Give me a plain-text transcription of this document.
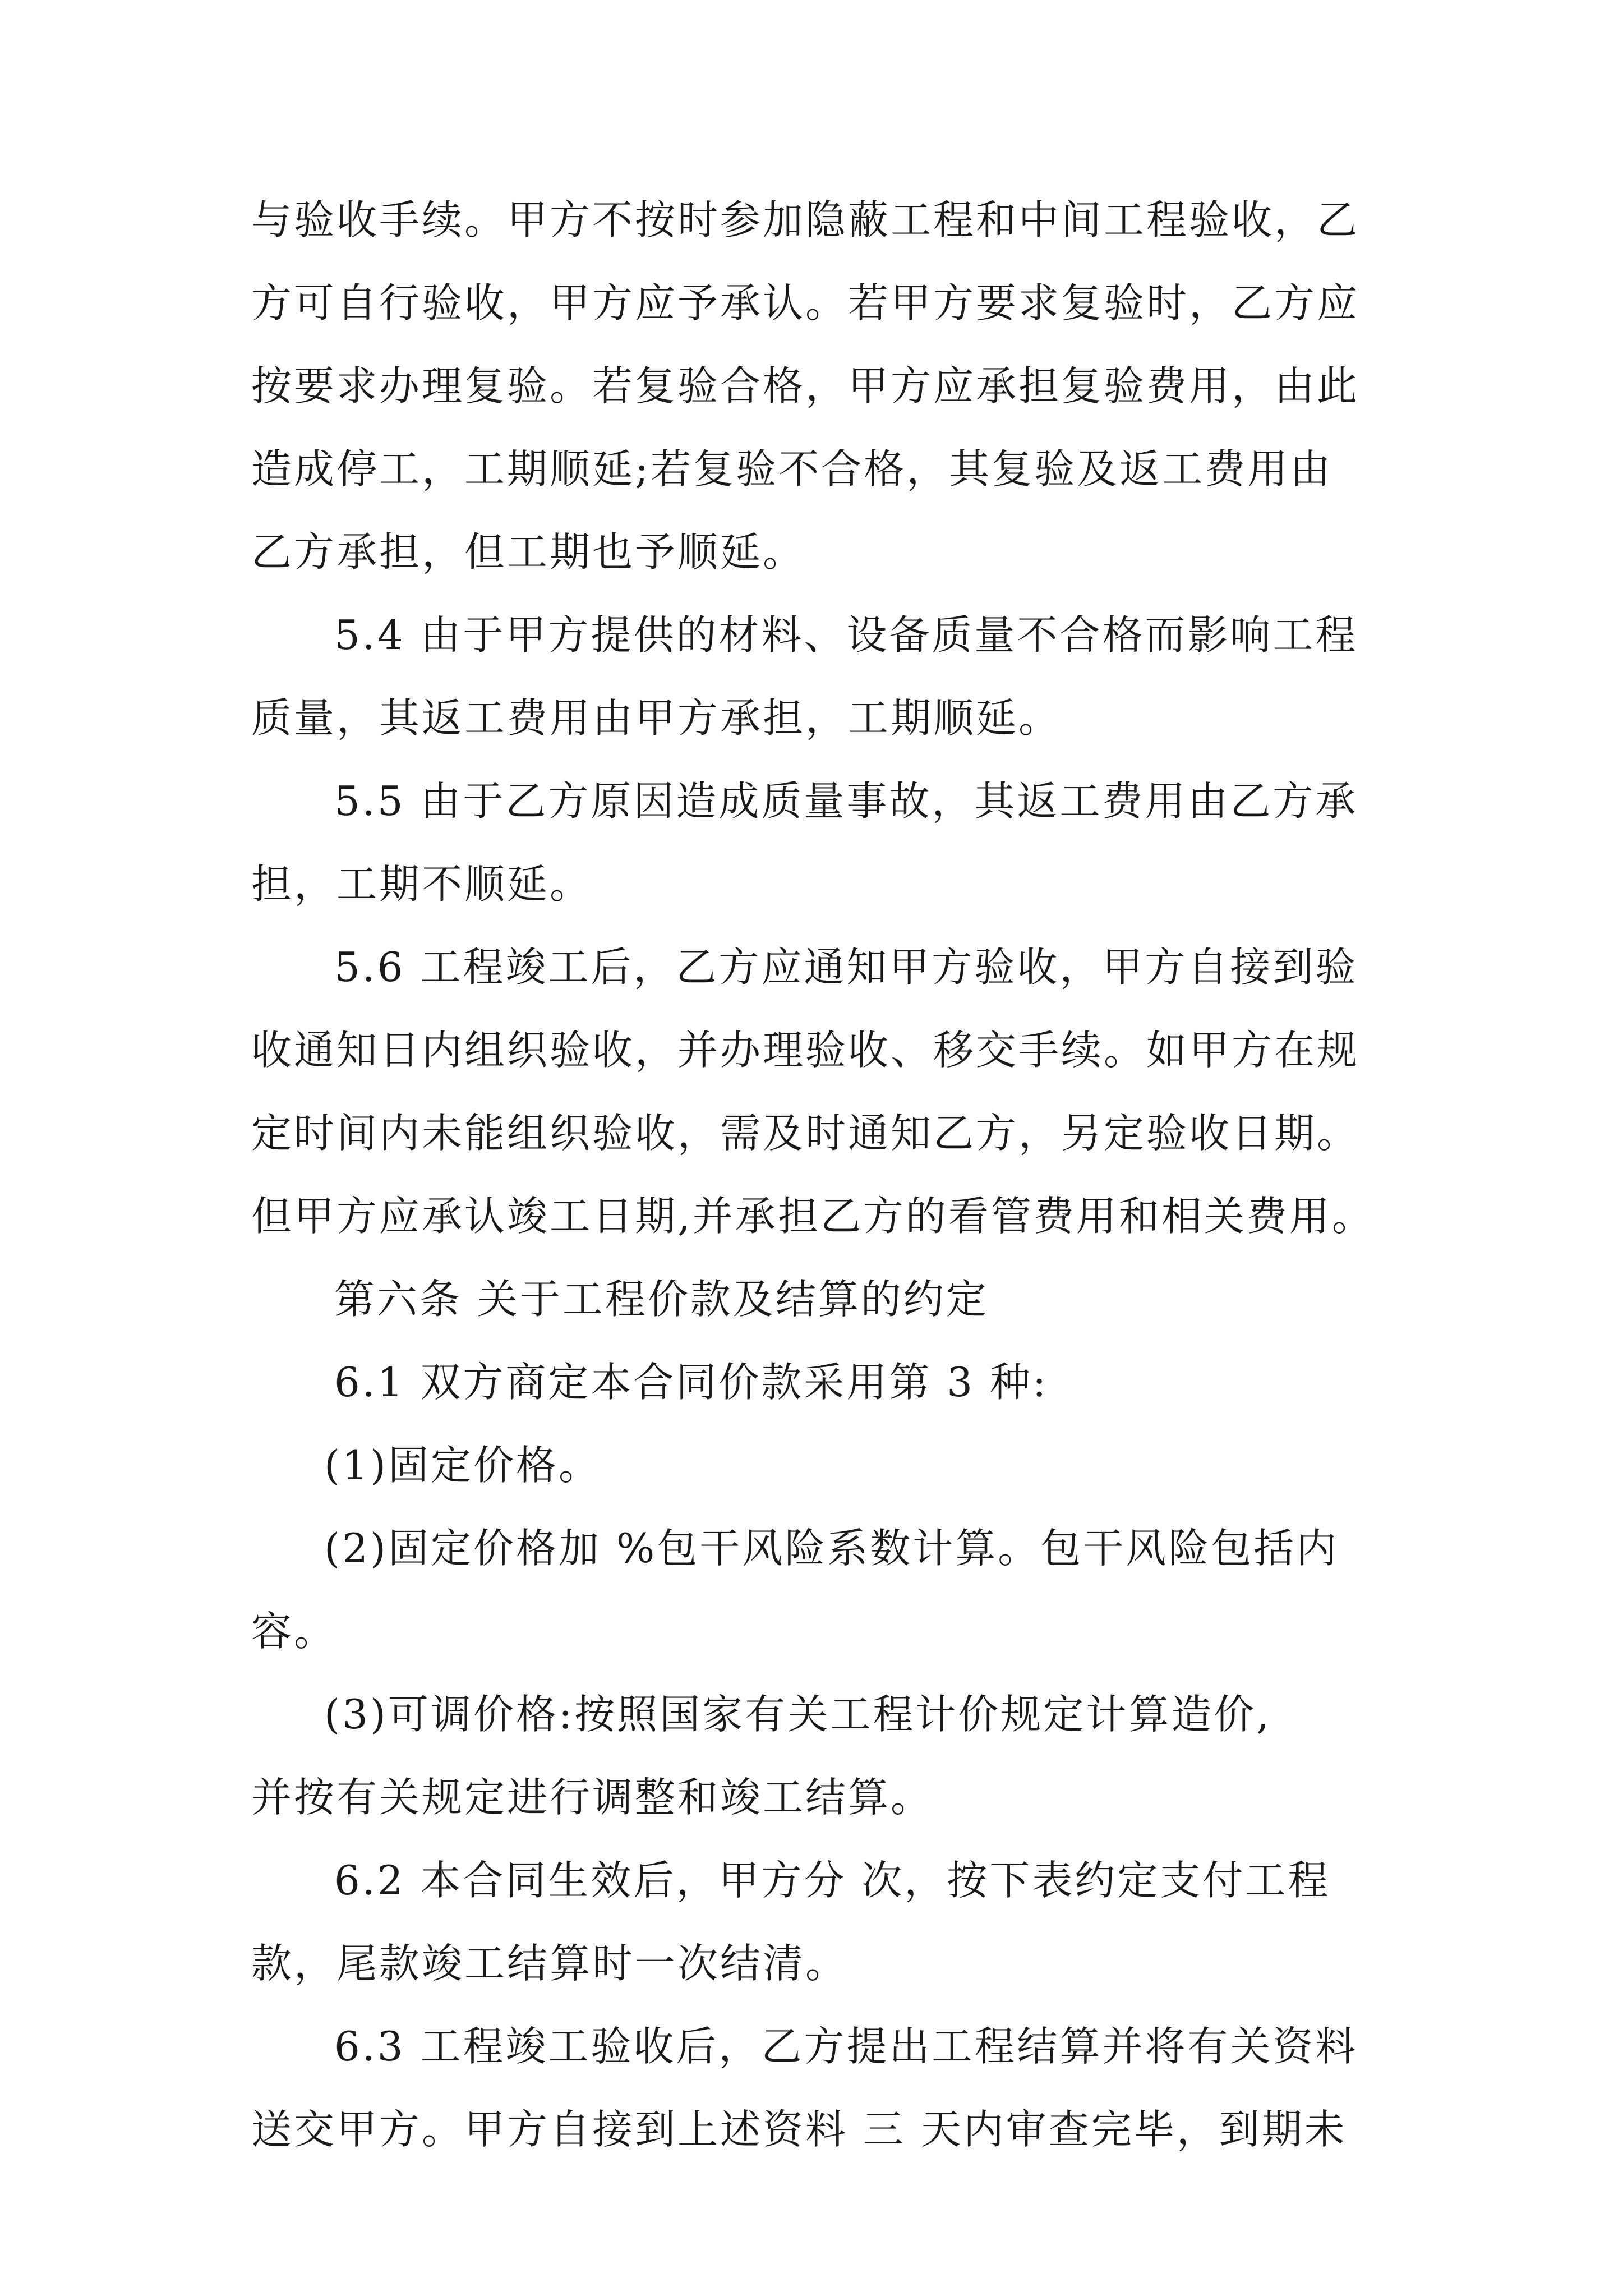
与验收手续。甲方不按时参加隐蔽工程和中间工程验收，乙
方可自行验收，甲方应予承认。若甲方要求复验时，乙方应
按要求办理复验。若复验合格，甲方应承担复验费用，由此
造成停工，工期顺延;若复验不合格，其复验及返工费用由
乙方承担，但工期也予顺延。
5.4 由于甲方提供的材料、设备质量不合格而影响工程
质量，其返工费用由甲方承担，工期顺延。
5.5 由于乙方原因造成质量事故，其返工费用由乙方承
担，工期不顺延。
5.6 工程竣工后，乙方应通知甲方验收，甲方自接到验
收通知日内组织验收，并办理验收、移交手续。如甲方在规
定时间内未能组织验收，需及时通知乙方，另定验收日期。
但甲方应承认竣工日期,并承担乙方的看管费用和相关费用。
第六条 关于工程价款及结算的约定
6.1 双方商定本合同价款采用第 3 种:
(1)固定价格。
(2)固定价格加 %包干风险系数计算。包干风险包括内
容。
(3)可调价格:按照国家有关工程计价规定计算造价,
并按有关规定进行调整和竣工结算。
6.2 本合同生效后，甲方分 次，按下表约定支付工程
款，尾款竣工结算时一次结清。
6.3 工程竣工验收后，乙方提出工程结算并将有关资料
送交甲方。甲方自接到上述资料 三 天内审查完毕，到期未
